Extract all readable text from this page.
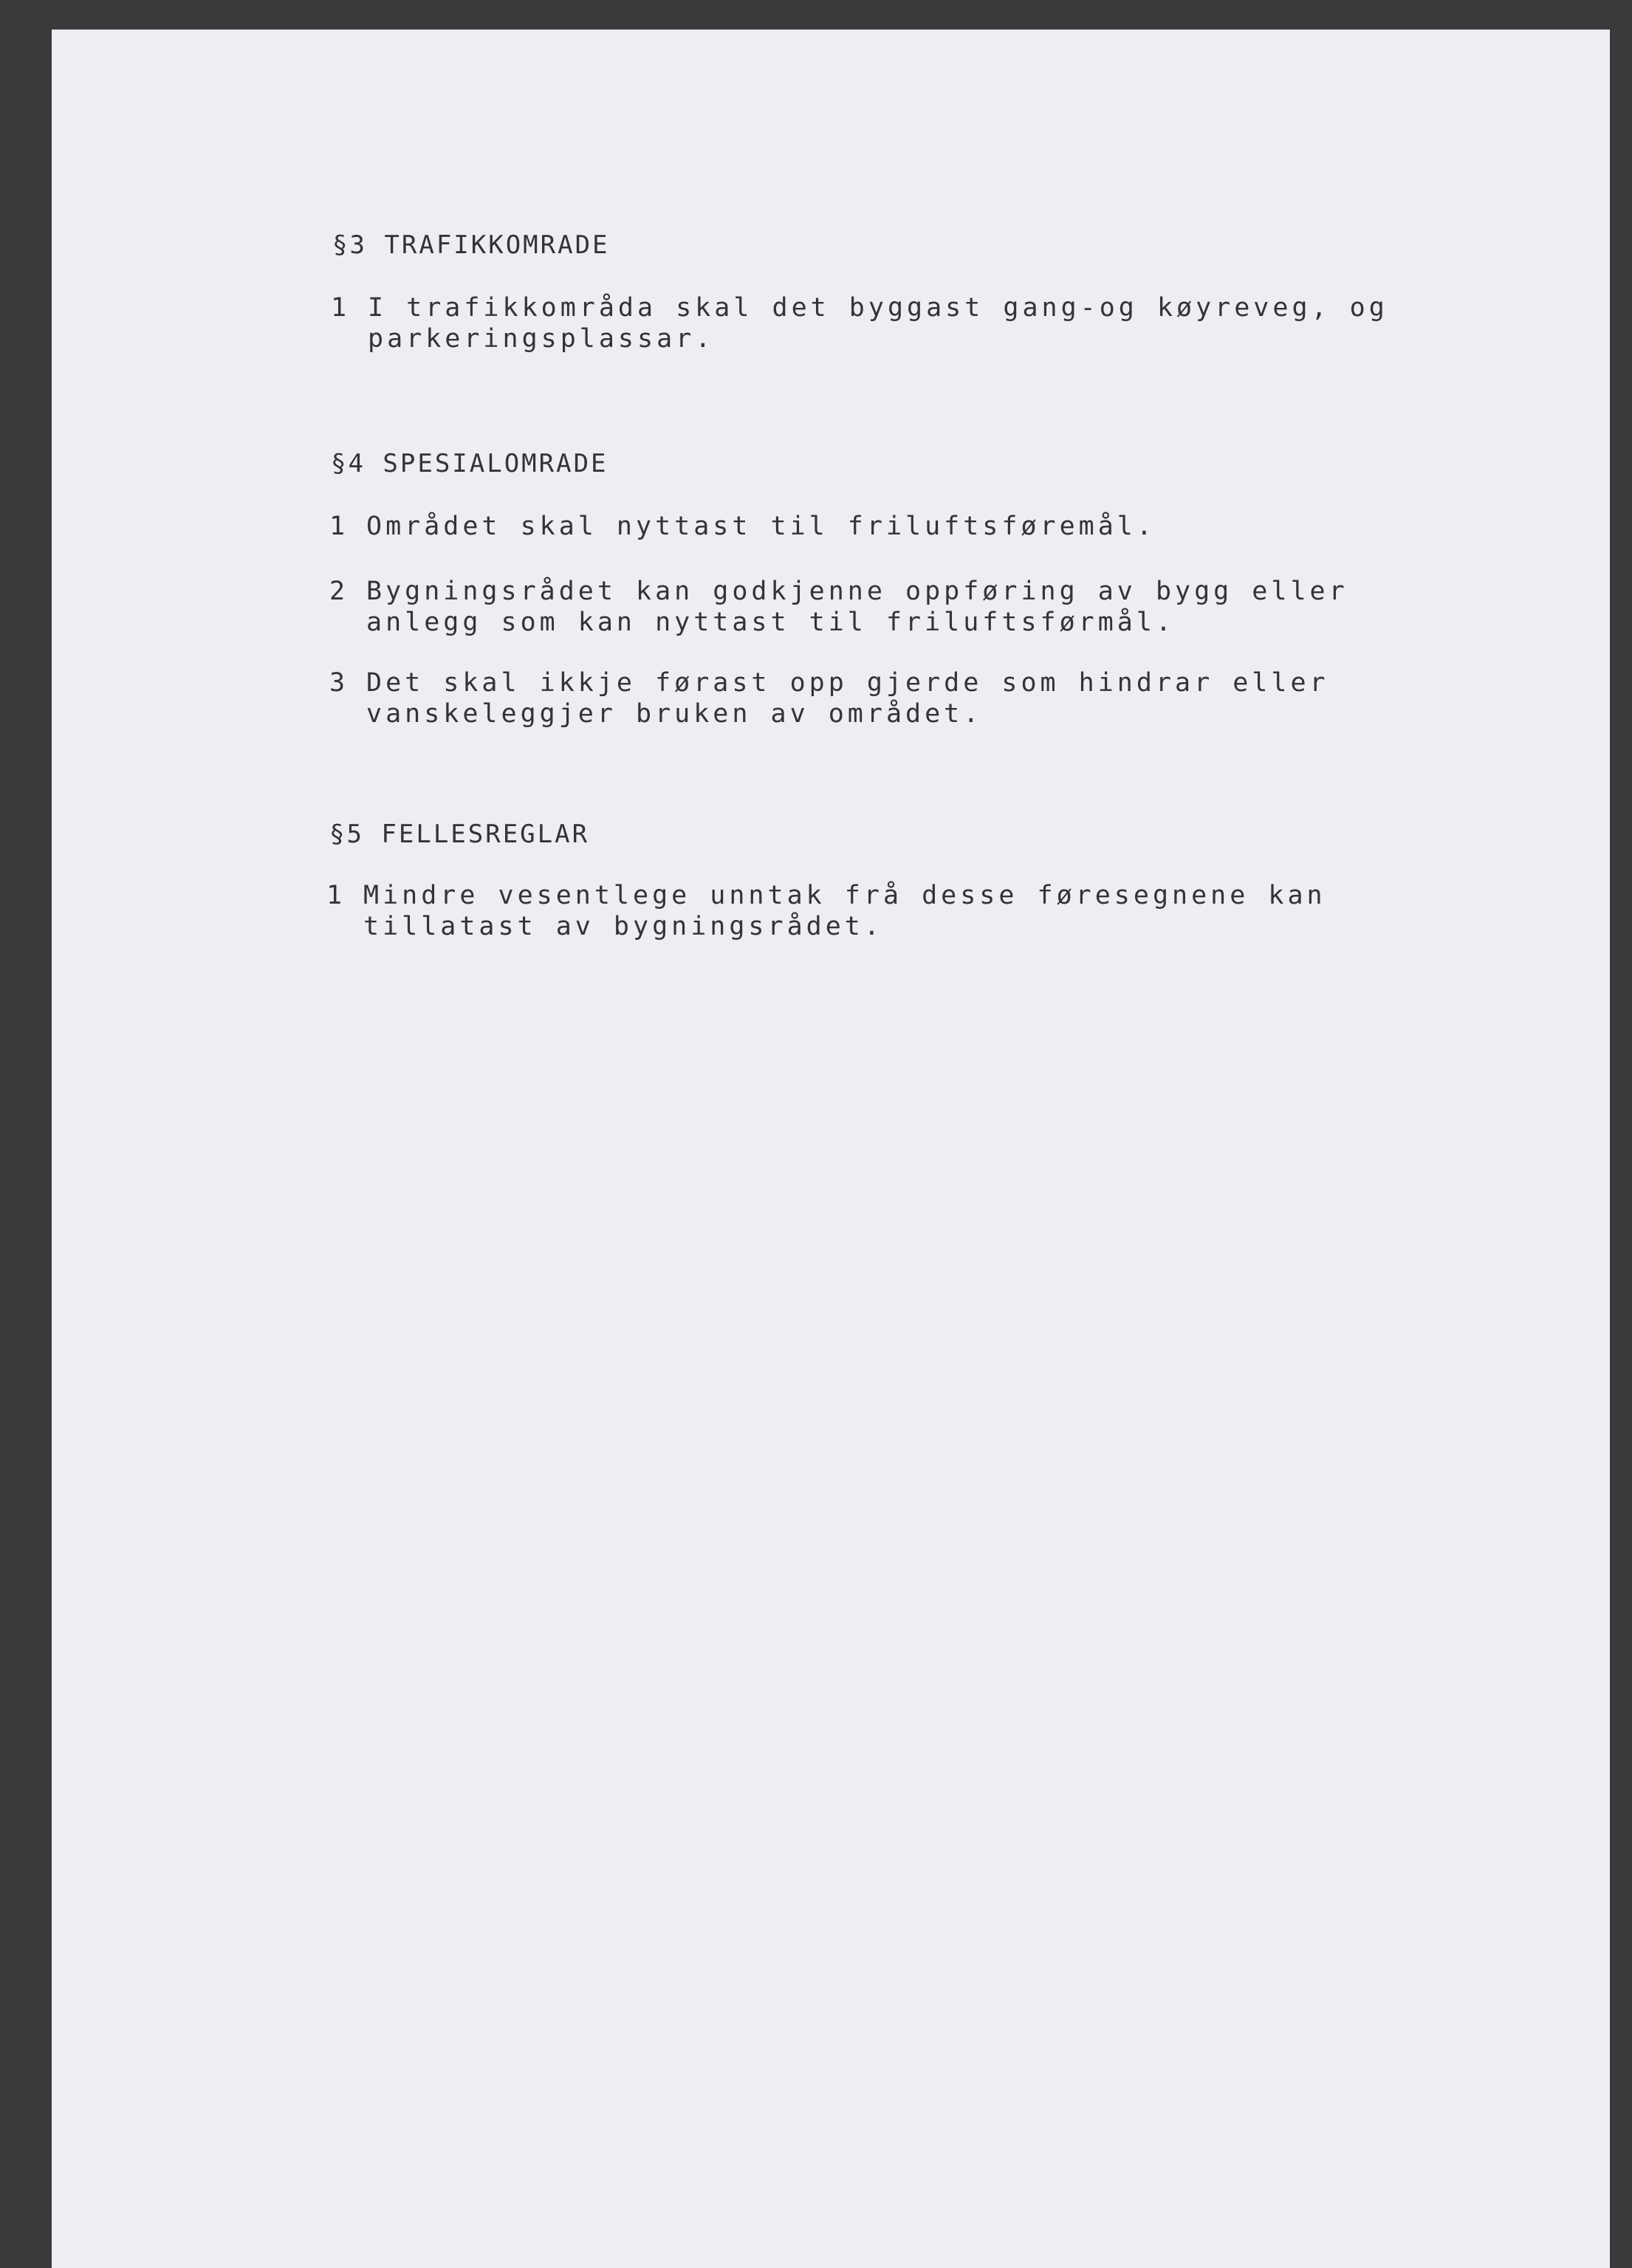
§3 TRAFIKKOMRADE
1 I trafikkområda skal det byggast gang-og køyreveg, og
parkeringsplassar.
§4 SPESIALOMRADE
1 Området skal nyttast til friluftsføremål.
2 Bygningsrådet kan godkjenne oppføring av bygg eller
anlegg som kan nyttast til friluftsførmål.
3 Det skal ikkje førast opp gjerde som hindrar eller
vanskeleggjer bruken av området.
§5 FELLESREGLAR
1 Mindre vesentlege unntak frå desse føresegnene kan
tillatast av bygningsrådet.
